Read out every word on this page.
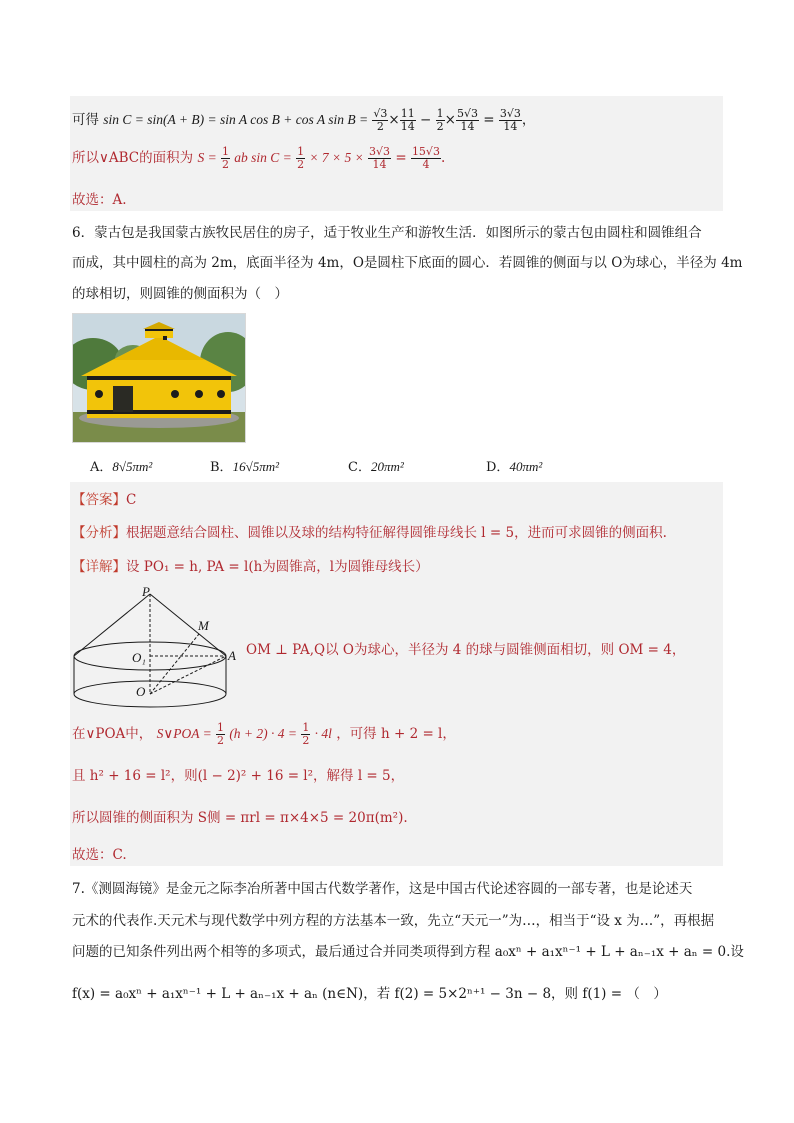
可得 sin C = sin(A + B) = sin A cos B + cos A $\sin B = \frac{√3}{2} \times \frac{11}{14} - \frac{1}{2} \times \frac{5√3}{14} = \frac{3√3}{14}$ ，
所以∨ABC的面积为 $S = \frac{1}{2}$ ab $\sin C = \frac{1}{2} \times 7 \times 5 \times \frac{3√3}{14} = \frac{15√3}{4}$ .
故选：A.
6．蒙古包是我国蒙古族牧民居住的房子，适于牧业生产和游牧生活．如图所示的蒙古包由圆柱和圆锥组合
而成，其中圆柱的高为 2m，底面半径为 4m，O是圆柱下底面的圆心．若圆锥的侧面与以 O为球心，半径为 4m
的球相切，则圆锥的侧面积为（　）
A．8√5πm²	B．16√5πm²	C．20πm²	D．40πm²
【答案】C
【分析】根据题意结合圆柱、圆锥以及球的结构特征解得圆锥母线长 l = 5，进而可求圆锥的侧面积.
【详解】设 PO₁ = h, PA = l(h为圆锥高，l为圆锥母线长）
P
M
O₁	A
O
OM ⊥ PA,Q以 O为球心，半径为 4 的球与圆锥侧面相切，则 OM = 4，
在∨POA中， S∨POA = $\frac{1}{2} (h + 2) \cdot 4 = \frac{1}{2} \cdot 4l$ ，可得 h + 2 = l，
且 h² + 16 = l²，则(l − 2)² + 16 = l²，解得 l = 5，
所以圆锥的侧面积为 S侧 = πrl = π×4×5 = 20π(m²).
故选：C.
7.《测圆海镜》是金元之际李冶所著中国古代数学著作，这是中国古代论述容圆的一部专著，也是论述天
元术的代表作.天元术与现代数学中列方程的方法基本一致，先立“天元一”为…，相当于“设 x 为…”，再根据
问题的已知条件列出两个相等的多项式，最后通过合并同类项得到方程 a₀xⁿ + a₁xⁿ⁻¹ + L + aₙ₋₁x + aₙ = 0.设
f(x) = a₀xⁿ + a₁xⁿ⁻¹ + L + aₙ₋₁x + aₙ (n∈N)，若 f(2) = 5×2ⁿ⁺¹ − 3n − 8，则 f(1) = （　）
